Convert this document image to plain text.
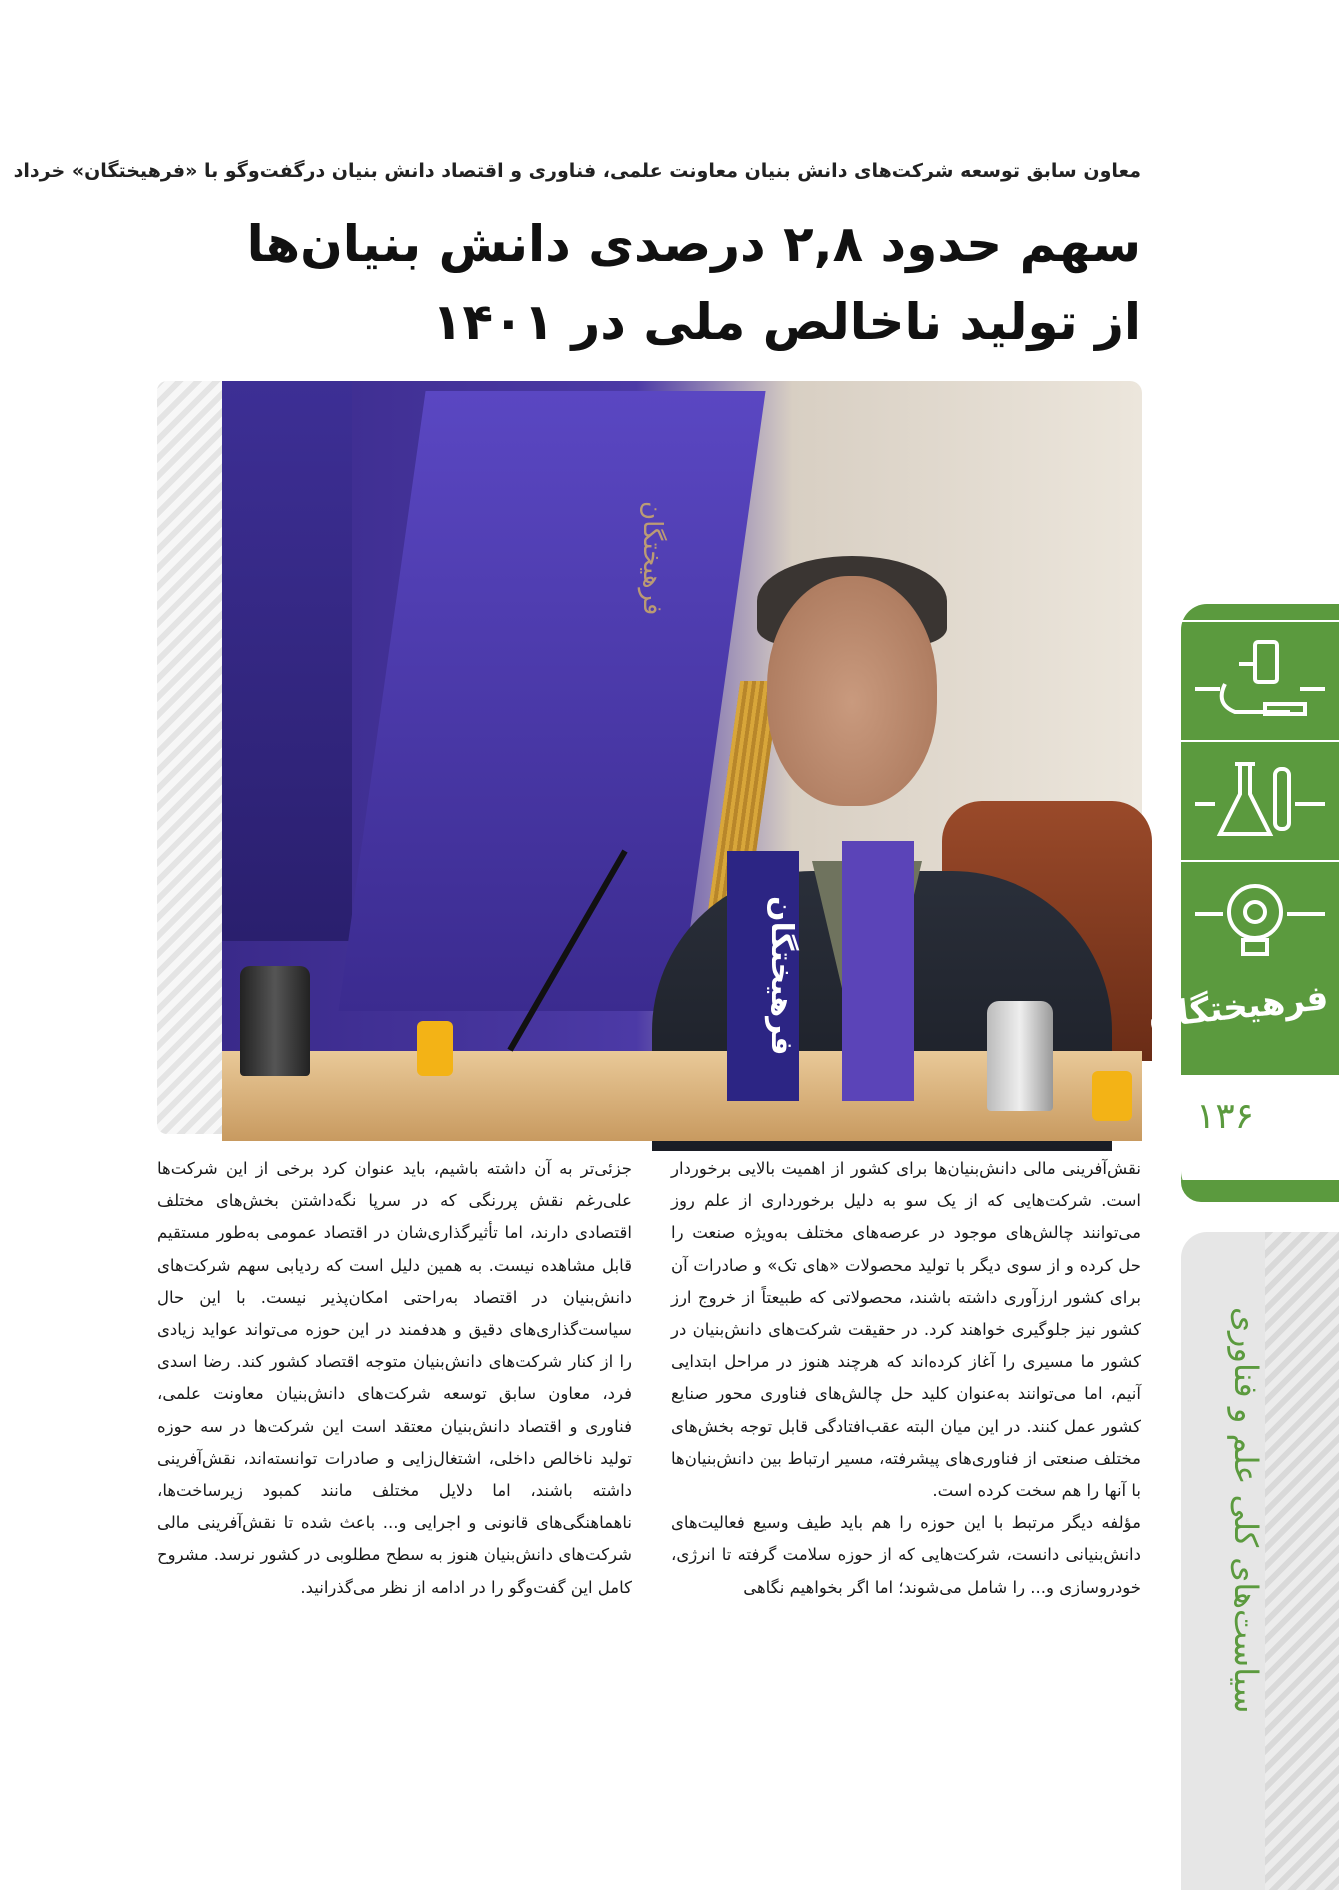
معاون سابق توسعه شرکت‌های دانش بنیان معاونت علمی، فناوری و اقتصاد دانش بنیان درگفت‌وگو با «فرهیختگان» خرداد
سهم حدود ۲,۸ درصدی دانش بنیان‌ها
از تولید ناخالص ملی در ۱۴۰۱
فرهیختگان
فرهیختگان

نقش‌آفرینی مالی دانش‌بنیان‌ها برای کشور از اهمیت بالایی برخوردار است. شرکت‌هایی که از یک سو به دلیل برخورداری از علم روز می‌توانند چالش‌های موجود در عرصه‌های مختلف به‌ویژه صنعت را حل کرده و از سوی دیگر با تولید محصولات «های تک» و صادرات آن برای کشور ارزآوری داشته باشند، محصولاتی که طبیعتاً از خروج ارز کشور نیز جلوگیری خواهند کرد. در حقیقت شرکت‌های دانش‌بنیان در کشور ما مسیری را آغاز کرده‌اند که هرچند هنوز در مراحل ابتدایی آنیم، اما می‌توانند به‌عنوان کلید حل چالش‌های فناوری محور صنایع کشور عمل کنند. در این میان البته عقب‌افتادگی قابل توجه بخش‌های مختلف صنعتی از فناوری‌های پیشرفته، مسیر ارتباط بین دانش‌بنیان‌ها با آنها را هم سخت کرده است.

مؤلفه دیگر مرتبط با این حوزه را هم باید طیف وسیع فعالیت‌های دانش‌بنیانی دانست، شرکت‌هایی که از حوزه سلامت گرفته تا انرژی، خودروسازی و... را شامل می‌شوند؛ اما اگر بخواهیم نگاهی

جزئی‌تر به آن داشته باشیم، باید عنوان کرد برخی از این شرکت‌ها علی‌رغم نقش پررنگی که در سرپا نگه‌داشتن بخش‌های مختلف اقتصادی دارند، اما تأثیرگذاری‌شان در اقتصاد عمومی به‌طور مستقیم قابل مشاهده نیست. به همین دلیل است که ردیابی سهم شرکت‌های دانش‌بنیان در اقتصاد به‌راحتی امکان‌پذیر نیست. با این حال سیاست‌گذاری‌های دقیق و هدفمند در این حوزه می‌تواند عواید زیادی را از کنار شرکت‌های دانش‌بنیان متوجه اقتصاد کشور کند. رضا اسدی فرد، معاون سابق توسعه شرکت‌های دانش‌بنیان معاونت علمی، فناوری و اقتصاد دانش‌بنیان معتقد است این شرکت‌ها در سه حوزه تولید ناخالص داخلی، اشتغال‌زایی و صادرات توانسته‌اند، نقش‌آفرینی داشته باشند، اما دلایل مختلف مانند کمبود زیرساخت‌ها، ناهماهنگی‌های قانونی و اجرایی و... باعث شده تا نقش‌آفرینی مالی شرکت‌های دانش‌بنیان هنوز به سطح مطلوبی در کشور نرسد. مشروح کامل این گفت‌وگو را در ادامه از نظر می‌گذرانید.

فرهیختگان
۱۳۶
سیاست‌های کلی علم و فناوری
